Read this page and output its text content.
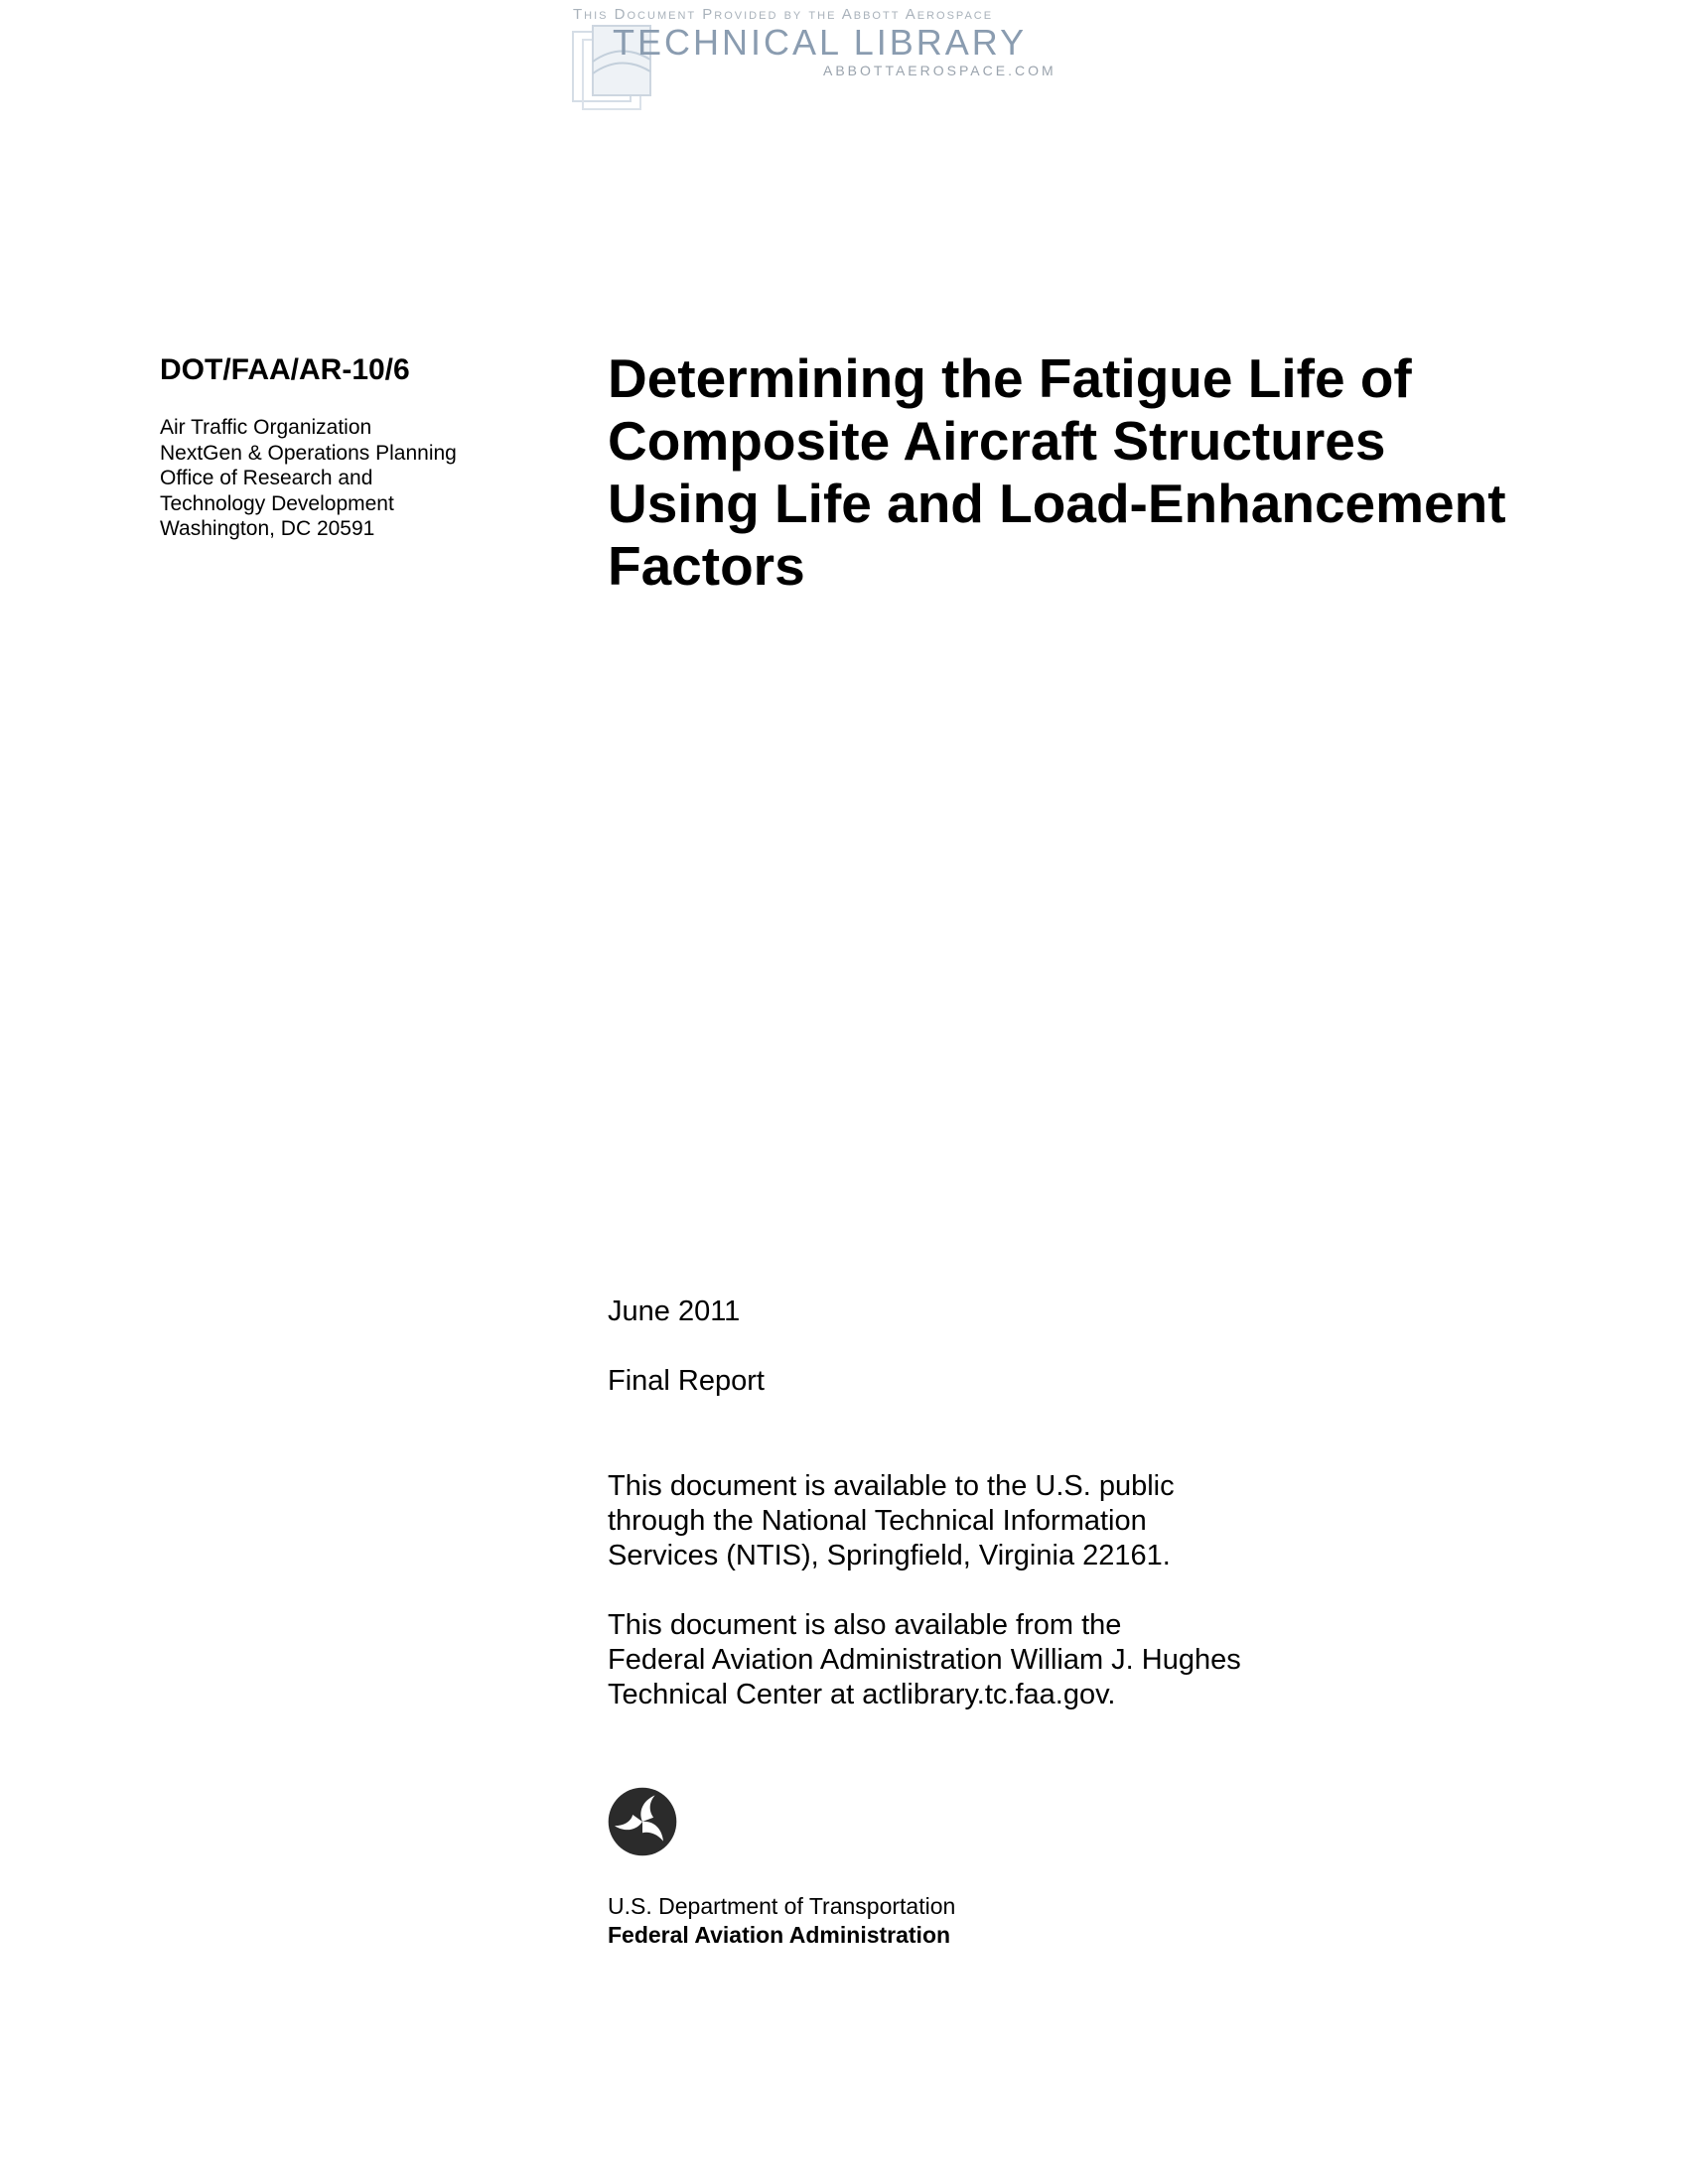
This Document Provided by the Abbott Aerospace
TECHNICAL LIBRARY
ABBOTTAEROSPACE.COM
DOT/FAA/AR-10/6
Air Traffic Organization
NextGen & Operations Planning
Office of Research and
Technology Development
Washington, DC 20591
Determining the Fatigue Life of
Composite Aircraft Structures
Using Life and Load-Enhancement
Factors
June 2011
Final Report
This document is available to the U.S. public
through the National Technical Information
Services (NTIS), Springfield, Virginia 22161.
This document is also available from the
Federal Aviation Administration William J. Hughes
Technical Center at actlibrary.tc.faa.gov.
U.S. Department of Transportation
Federal Aviation Administration
